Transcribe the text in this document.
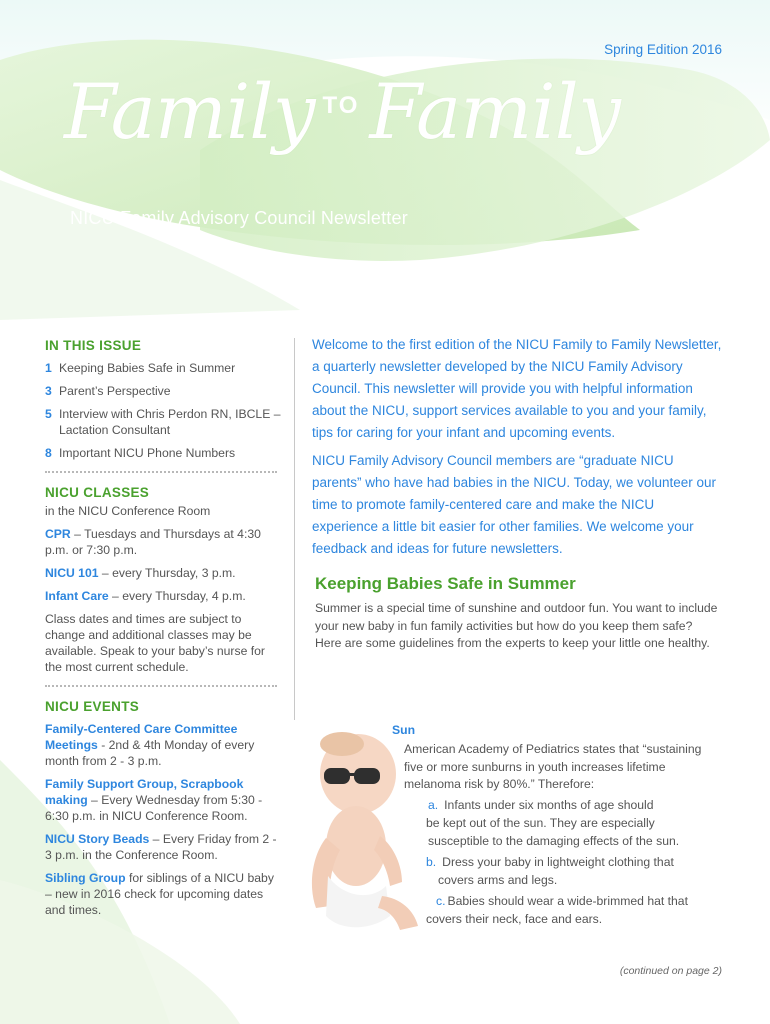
Spring Edition 2016
Family TO Family
NICU Family Advisory Council Newsletter
IN THIS ISSUE
1 Keeping Babies Safe in Summer
3 Parent’s Perspective
5 Interview with Chris Perdon RN, IBCLE – Lactation Consultant
8 Important NICU Phone Numbers
NICU CLASSES
in the NICU Conference Room
CPR – Tuesdays and Thursdays at 4:30 p.m. or 7:30 p.m.
NICU 101 – every Thursday, 3 p.m.
Infant Care – every Thursday, 4 p.m.
Class dates and times are subject to change and additional classes may be available. Speak to your baby’s nurse for the most current schedule.
NICU EVENTS
Family-Centered Care Committee Meetings - 2nd & 4th Monday of every month from 2 - 3 p.m.
Family Support Group, Scrapbook making – Every Wednesday from 5:30 - 6:30 p.m. in NICU Conference Room.
NICU Story Beads – Every Friday from 2 - 3 p.m. in the Conference Room.
Sibling Group for siblings of a NICU baby – new in 2016 check for upcoming dates and times.

Welcome to the first edition of the NICU Family to Family Newsletter, a quarterly newsletter developed by the NICU Family Advisory Council. This newsletter will provide you with helpful information about the NICU, support services available to you and your family, tips for caring for your infant and upcoming events.

NICU Family Advisory Council members are “graduate NICU parents” who have had babies in the NICU. Today, we volunteer our time to promote family-centered care and make the NICU experience a little bit easier for other families. We welcome your feedback and ideas for future newsletters.

Keeping Babies Safe in Summer

Summer is a special time of sunshine and outdoor fun. You want to include your new baby in fun family activities but how do you keep them safe? Here are some guidelines from the experts to keep your little one healthy.

Sun
American Academy of Pediatrics states that “sustaining five or more sunburns in youth increases lifetime melanoma risk by 80%.” Therefore:
a. Infants under six months of age should
be kept out of the sun. They are especially
susceptible to the damaging effects of the sun.
b. Dress your baby in lightweight clothing that
covers arms and legs.
c. Babies should wear a wide-brimmed hat that
covers their neck, face and ears.
(continued on page 2)
